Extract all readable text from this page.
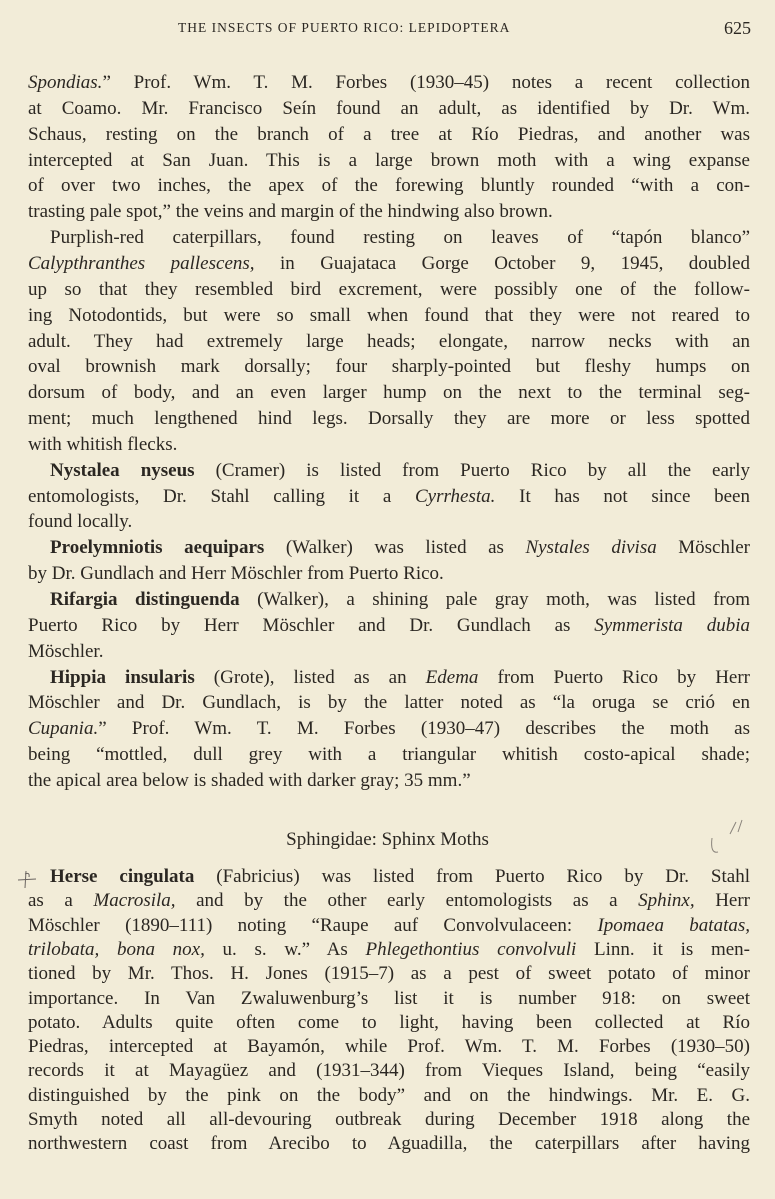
THE INSECTS OF PUERTO RICO: LEPIDOPTERA	625
Spondias.” Prof. Wm. T. M. Forbes (1930–45) notes a recent collection
at Coamo. Mr. Francisco Seín found an adult, as identified by Dr. Wm.
Schaus, resting on the branch of a tree at Río Piedras, and another was
intercepted at San Juan. This is a large brown moth with a wing expanse
of over two inches, the apex of the forewing bluntly rounded “with a con-
trasting pale spot,” the veins and margin of the hindwing also brown.
Purplish-red caterpillars, found resting on leaves of “tapón blanco”
Calypthranthes pallescens, in Guajataca Gorge October 9, 1945, doubled
up so that they resembled bird excrement, were possibly one of the follow-
ing Notodontids, but were so small when found that they were not reared to
adult. They had extremely large heads; elongate, narrow necks with an
oval brownish mark dorsally; four sharply-pointed but fleshy humps on
dorsum of body, and an even larger hump on the next to the terminal seg-
ment; much lengthened hind legs. Dorsally they are more or less spotted
with whitish flecks.
Nystalea nyseus (Cramer) is listed from Puerto Rico by all the early
entomologists, Dr. Stahl calling it a Cyrrhesta. It has not since been
found locally.
Proelymniotis aequipars (Walker) was listed as Nystales divisa Möschler
by Dr. Gundlach and Herr Möschler from Puerto Rico.
Rifargia distinguenda (Walker), a shining pale gray moth, was listed from
Puerto Rico by Herr Möschler and Dr. Gundlach as Symmerista dubia
Möschler.
Hippia insularis (Grote), listed as an Edema from Puerto Rico by Herr
Möschler and Dr. Gundlach, is by the latter noted as “la oruga se crió en
Cupania.” Prof. Wm. T. M. Forbes (1930–47) describes the moth as
being “mottled, dull grey with a triangular whitish costo-apical shade;
the apical area below is shaded with darker gray; 35 mm.”
Herse cingulata (Fabricius) was listed from Puerto Rico by Dr. Stahl
as a Macrosila, and by the other early entomologists as a Sphinx, Herr
Möschler (1890–111) noting “Raupe auf Convolvulaceen: Ipomaea batatas,
trilobata, bona nox, u. s. w.” As Phlegethontius convolvuli Linn. it is men-
tioned by Mr. Thos. H. Jones (1915–7) as a pest of sweet potato of minor
importance. In Van Zwaluwenburg’s list it is number 918: on sweet
potato. Adults quite often come to light, having been collected at Río
Piedras, intercepted at Bayamón, while Prof. Wm. T. M. Forbes (1930–50)
records it at Mayagüez and (1931–344) from Vieques Island, being “easily
distinguished by the pink on the body” and on the hindwings. Mr. E. G.
Smyth noted all all-devouring outbreak during December 1918 along the
northwestern coast from Arecibo to Aguadilla, the caterpillars after having
Sphingidae: Sphinx Moths
